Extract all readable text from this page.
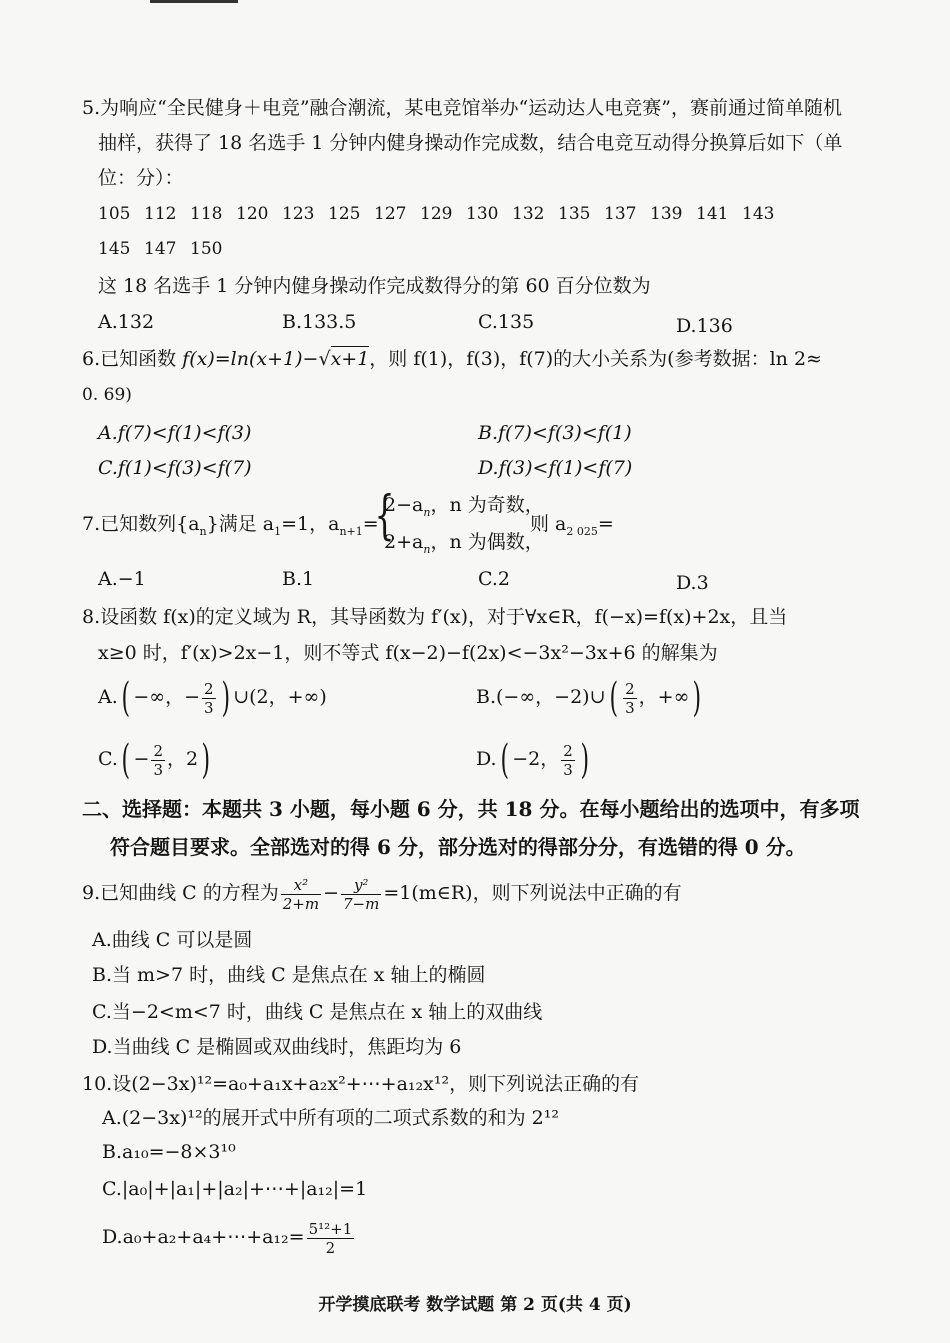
5.为响应“全民健身＋电竞”融合潮流，某电竞馆举办“运动达人电竞赛”，赛前通过简单随机
抽样，获得了 18 名选手 1 分钟内健身操动作完成数，结合电竞互动得分换算后如下（单
位：分）：
105 112 118 120 123 125 127 129 130 132 135 137 139 141 143
145 147 150
这 18 名选手 1 分钟内健身操动作完成数得分的第 60 百分位数为
A.132	B.133.5	C.135	D.136
6.已知函数 f(x)=ln(x+1)−√x+1，则 f(1)，f(3)，f(7)的大小关系为(参考数据：ln 2≈
0. 69)
A.f(7)<f(1)<f(3)	B.f(7)<f(3)<f(1)
C.f(1)<f(3)<f(7)	D.f(3)<f(1)<f(7)
7.已知数列$\{a_n\}$满足 $a_1=1$，$a_{n+1}=$
{
$2-a_n$，n 为奇数，
$2+a_n$，n 为偶数，
则 $a_{2 025}=$
A.−1	B.1	C.2	D.3
8.设函数 f(x)的定义域为 R，其导函数为 f′(x)，对于∀x∈R，f(−x)=f(x)+2x，且当
x≥0 时，f′(x)>2x−1，则不等式 f(x−2)−f(2x)<−3x²−3x+6 的解集为
A.( −∞，− $\frac{2}{3}$ ) ∪(2，+∞)	B.(−∞，−2)∪( $\frac{2}{3}$ ，+∞)
$C.( - \frac{2}{3}$ ，2)	D.( −2， $\frac{2}{3}$ )
二、选择题：本题共 3 小题，每小题 6 分，共 18 分。在每小题给出的选项中，有多项
符合题目要求。全部选对的得 6 分，部分选对的得部分分，有选错的得 0 分。
9.已知曲线 C 的方程为 $\frac{\text{x²}}{2+m} - \frac{\text{y²}}{7-m}$ =1(m∈R)，则下列说法中正确的有
A.曲线 C 可以是圆
B.当 m>7 时，曲线 C 是焦点在 x 轴上的椭圆
C.当−2<m<7 时，曲线 C 是焦点在 x 轴上的双曲线
D.当曲线 C 是椭圆或双曲线时，焦距均为 6
10.设(2−3x)¹²=a₀+a₁x+a₂x²+⋯+a₁₂x¹²，则下列说法正确的有
A.(2−3x)¹²的展开式中所有项的二项式系数的和为 2¹²
B.a₁₀=−8×3¹⁰
C.|a₀|+|a₁|+|a₂|+⋯+|a₁₂|=1
D.a₀+a₂+a₄+⋯+a₁₂= $\frac{\text{5¹²+1}}{2}$
开学摸底联考 数学试题 第 2 页(共 4 页)
